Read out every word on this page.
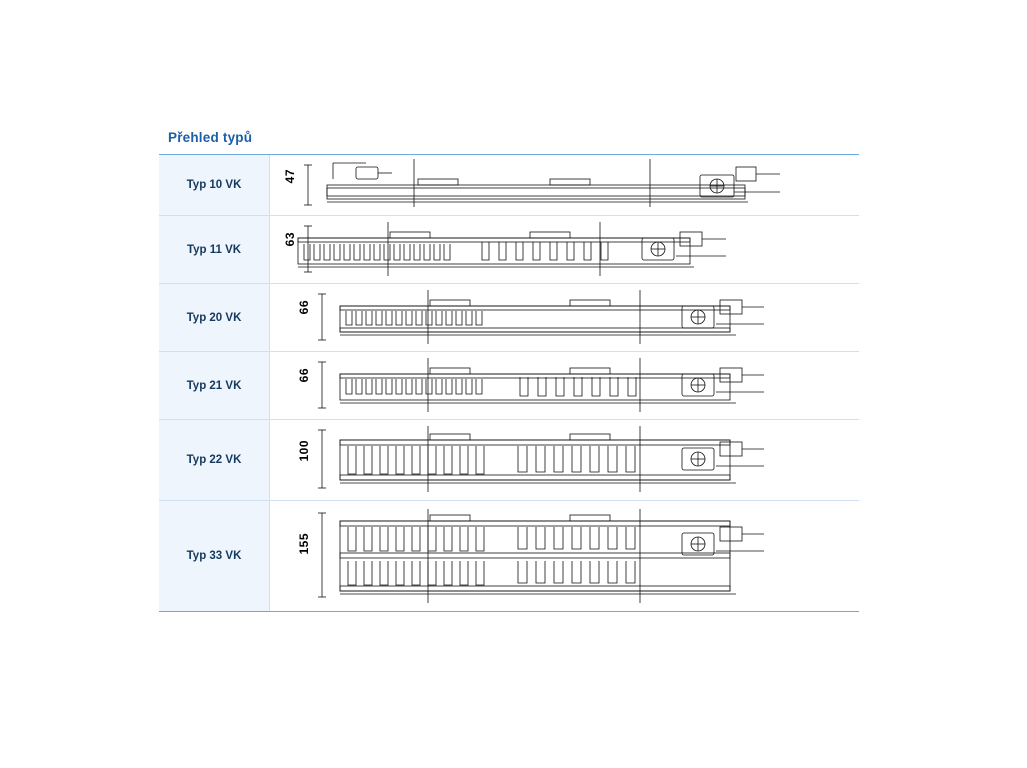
Přehled typů
Typ 10 VK
47
Typ 11 VK
63
Typ 20 VK
66
Typ 21 VK
66
Typ 22 VK	100
Typ 33 VK
155
